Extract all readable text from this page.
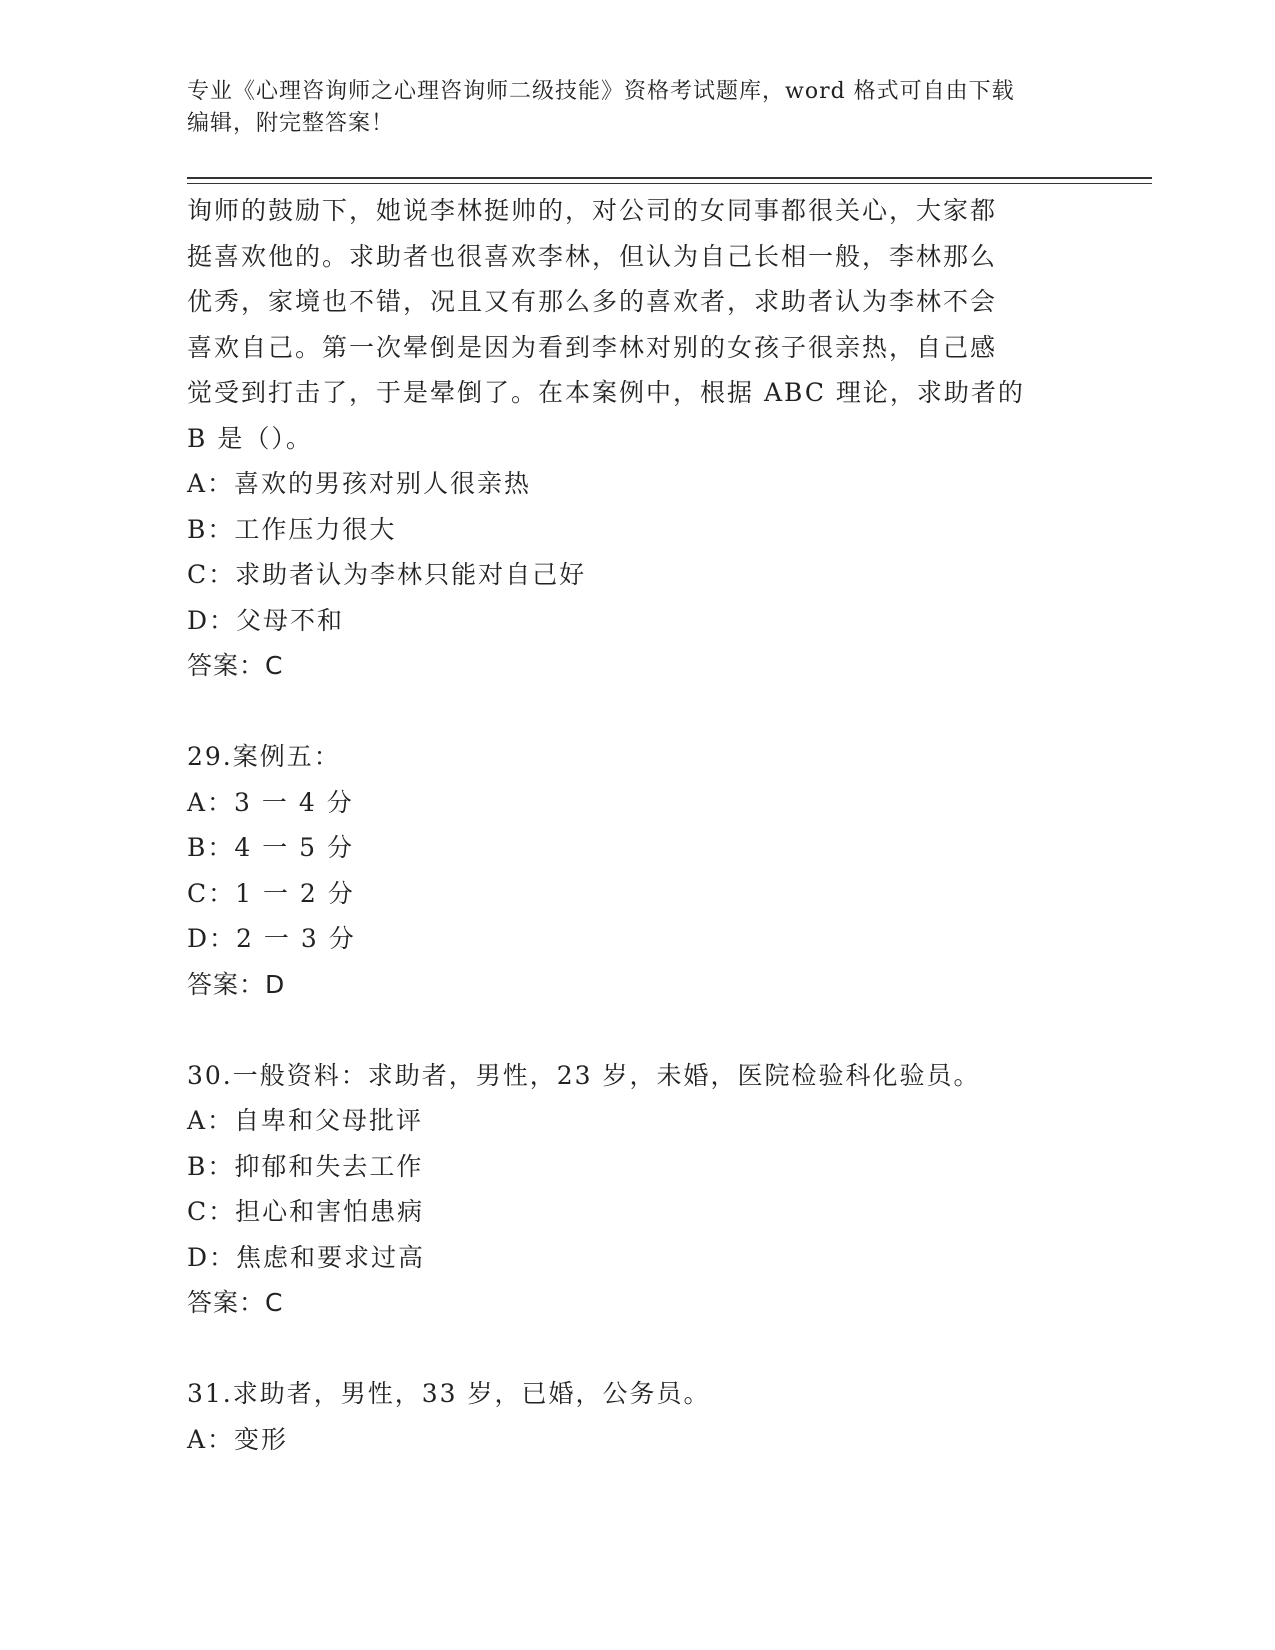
专业《心理咨询师之心理咨询师二级技能》资格考试题库，word 格式可自由下载
编辑，附完整答案！
询师的鼓励下，她说李林挺帅的，对公司的女同事都很关心，大家都
挺喜欢他的。求助者也很喜欢李林，但认为自己长相一般，李林那么
优秀，家境也不错，况且又有那么多的喜欢者，求助者认为李林不会
喜欢自己。第一次晕倒是因为看到李林对别的女孩子很亲热，自己感
觉受到打击了，于是晕倒了。在本案例中，根据 ABC 理论，求助者的
B 是（）。
A：喜欢的男孩对别人很亲热
B：工作压力很大
C：求助者认为李林只能对自己好
D：父母不和
答案：C
29.案例五：
A：3 一 4 分
B：4 一 5 分
C：1 一 2 分
D：2 一 3 分
答案：D
30.一般资料：求助者，男性，23 岁，未婚，医院检验科化验员。
A：自卑和父母批评
B：抑郁和失去工作
C：担心和害怕患病
D：焦虑和要求过高
答案：C
31.求助者，男性，33 岁，已婚，公务员。
A：变形
